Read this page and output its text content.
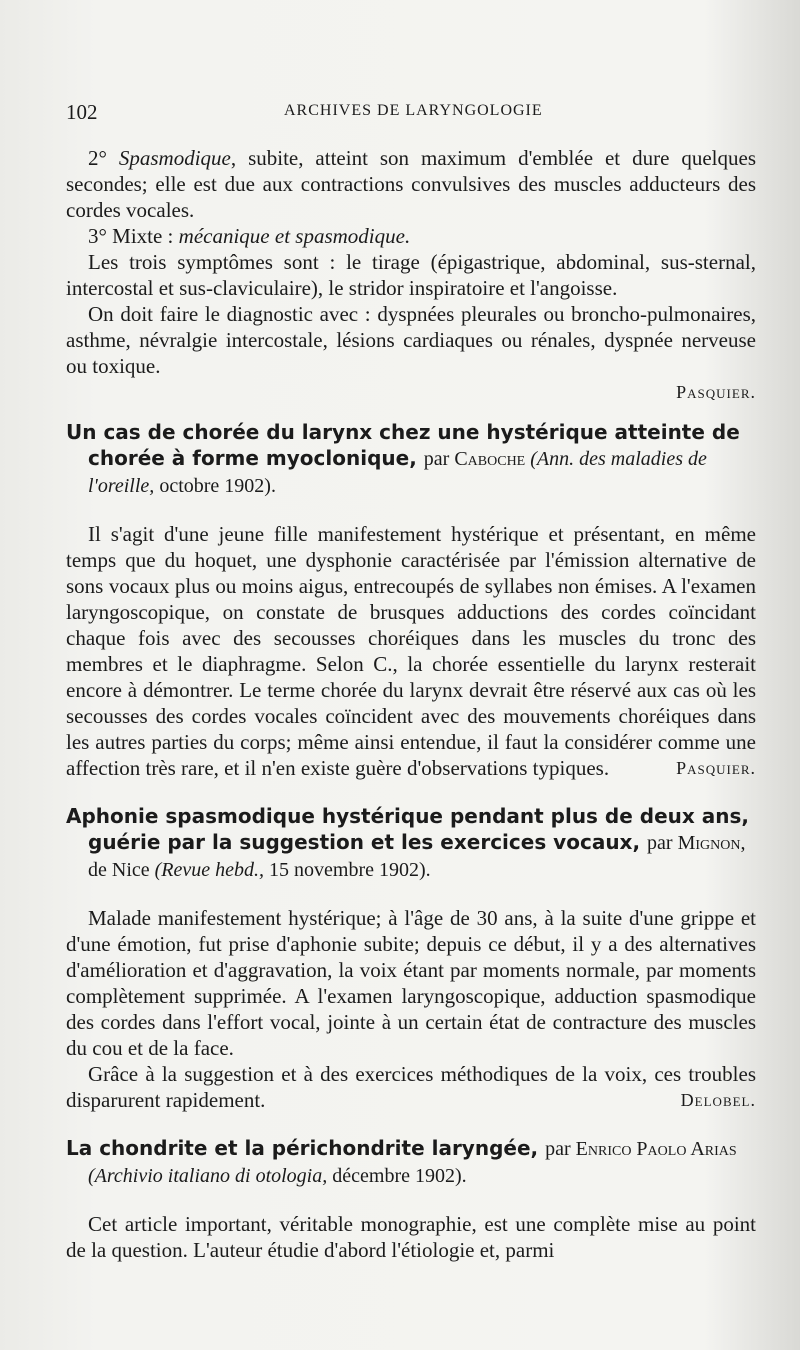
102	ARCHIVES DE LARYNGOLOGIE

2° Spasmodique, subite, atteint son maximum d'emblée et dure quelques secondes; elle est due aux contractions convulsives des muscles adducteurs des cordes vocales.

3° Mixte : mécanique et spasmodique.

Les trois symptômes sont : le tirage (épigastrique, abdominal, sus-sternal, intercostal et sus-claviculaire), le stridor inspiratoire et l'angoisse.

On doit faire le diagnostic avec : dyspnées pleurales ou broncho-pulmonaires, asthme, névralgie intercostale, lésions cardiaques ou rénales, dyspnée nerveuse ou toxique.

Pasquier.
Un cas de chorée du larynx chez une hystérique atteinte de chorée à forme myoclonique, par Caboche (Ann. des maladies de l'oreille, octobre 1902).

Il s'agit d'une jeune fille manifestement hystérique et présentant, en même temps que du hoquet, une dysphonie caractérisée par l'émission alternative de sons vocaux plus ou moins aigus, entrecoupés de syllabes non émises. A l'examen laryngoscopique, on constate de brusques adductions des cordes coïncidant chaque fois avec des secousses choréiques dans les muscles du tronc des membres et le diaphragme. Selon C., la chorée essentielle du larynx resterait encore à démontrer. Le terme chorée du larynx devrait être réservé aux cas où les secousses des cordes vocales coïncident avec des mouvements choréiques dans les autres parties du corps; même ainsi entendue, il faut la considérer comme une affection très rare, et il n'en existe guère d'observations typiques.	Pasquier.

Aphonie spasmodique hystérique pendant plus de deux ans, guérie par la suggestion et les exercices vocaux, par Mignon, de Nice (Revue hebd., 15 novembre 1902).

Malade manifestement hystérique; à l'âge de 30 ans, à la suite d'une grippe et d'une émotion, fut prise d'aphonie subite; depuis ce début, il y a des alternatives d'amélioration et d'aggravation, la voix étant par moments normale, par moments complètement supprimée. A l'examen laryngoscopique, adduction spasmodique des cordes dans l'effort vocal, jointe à un certain état de contracture des muscles du cou et de la face.

Grâce à la suggestion et à des exercices méthodiques de la voix, ces troubles disparurent rapidement.	Delobel.

La chondrite et la périchondrite laryngée, par Enrico Paolo Arias (Archivio italiano di otologia, décembre 1902).

Cet article important, véritable monographie, est une complète mise au point de la question. L'auteur étudie d'abord l'étiologie et, parmi
